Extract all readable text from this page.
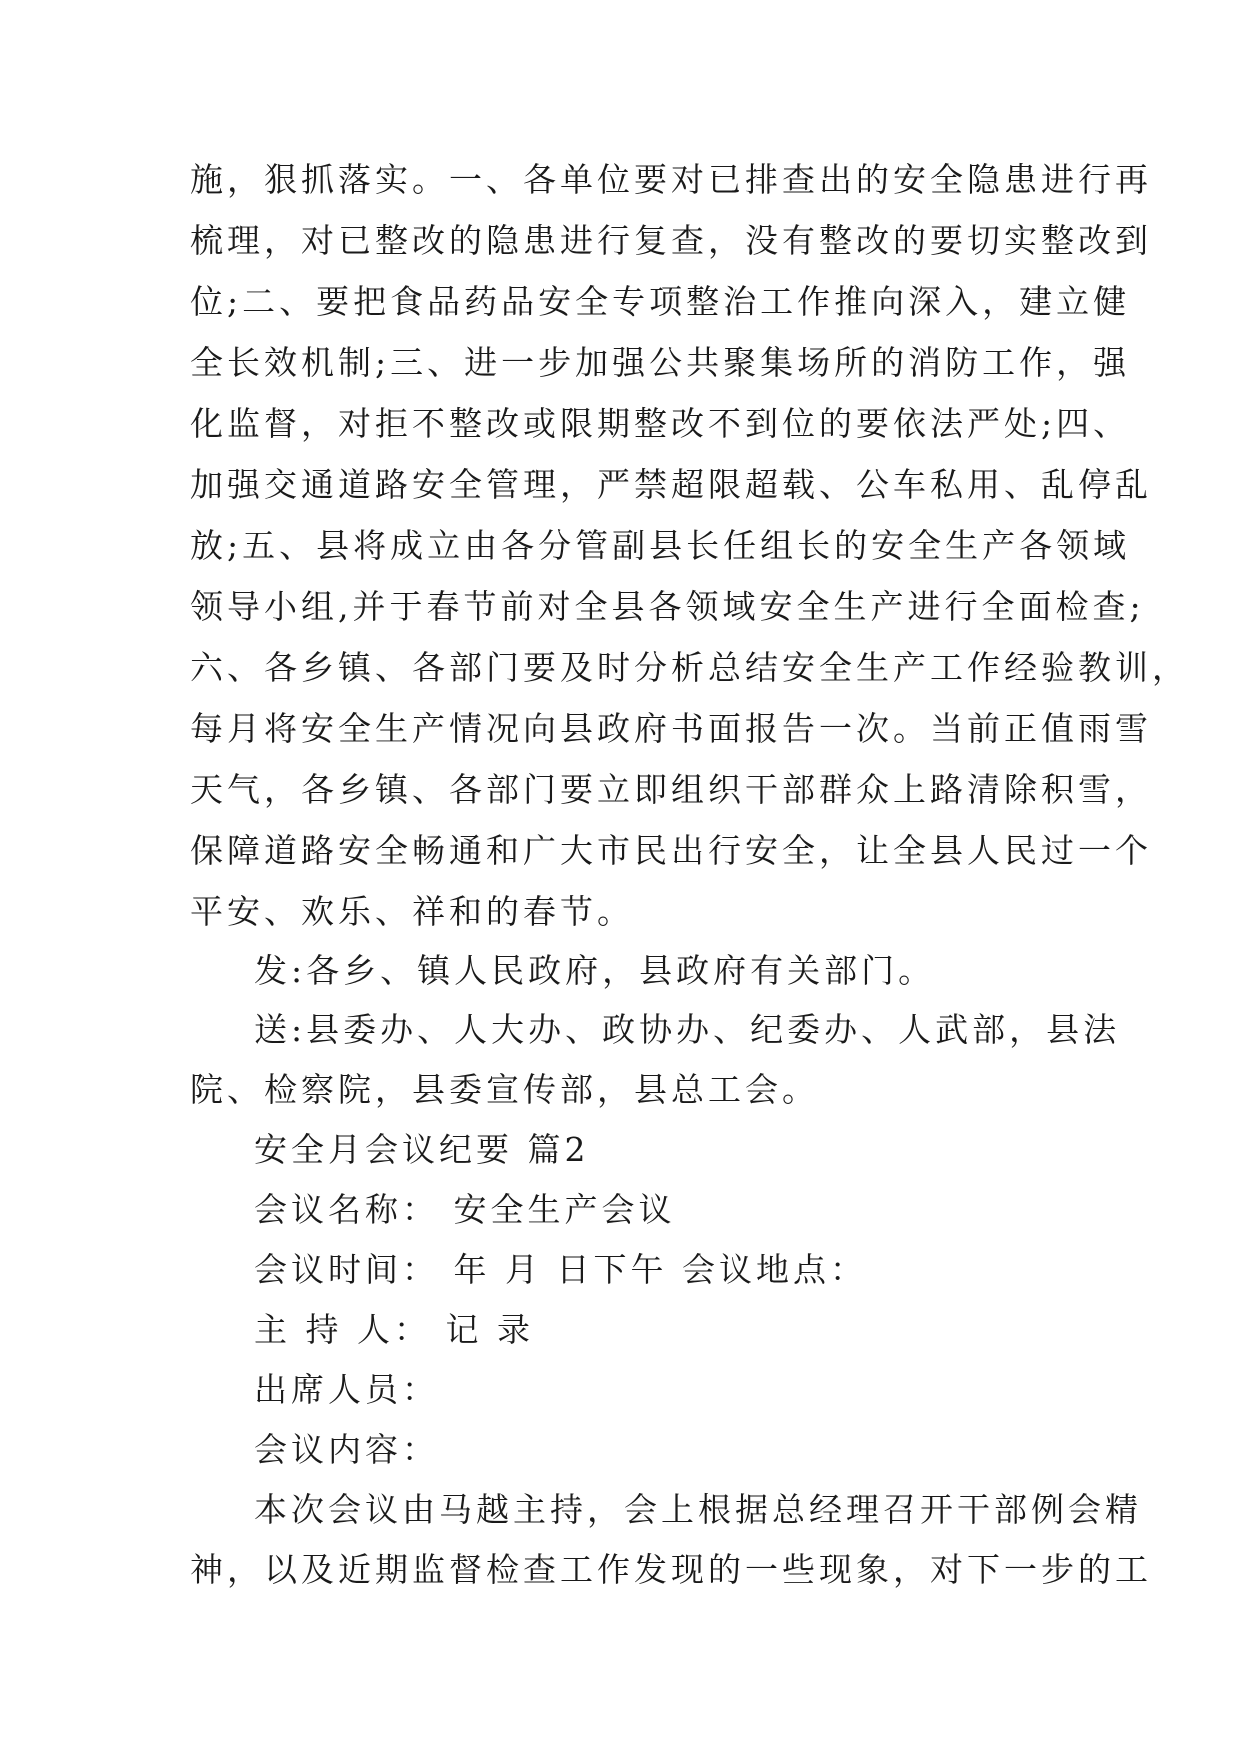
施，狠抓落实。一、各单位要对已排查出的安全隐患进行再
梳理，对已整改的隐患进行复查，没有整改的要切实整改到
位;二、要把食品药品安全专项整治工作推向深入，建立健
全长效机制;三、进一步加强公共聚集场所的消防工作，强
化监督，对拒不整改或限期整改不到位的要依法严处;四、
加强交通道路安全管理，严禁超限超载、公车私用、乱停乱
放;五、县将成立由各分管副县长任组长的安全生产各领域
领导小组,并于春节前对全县各领域安全生产进行全面检查;
六、各乡镇、各部门要及时分析总结安全生产工作经验教训，
每月将安全生产情况向县政府书面报告一次。当前正值雨雪
天气，各乡镇、各部门要立即组织干部群众上路清除积雪，
保障道路安全畅通和广大市民出行安全，让全县人民过一个
平安、欢乐、祥和的春节。
发:各乡、镇人民政府，县政府有关部门。
送:县委办、人大办、政协办、纪委办、人武部，县法
院、检察院，县委宣传部，县总工会。
安全月会议纪要 篇2
会议名称： 安全生产会议
会议时间： 年 月 日下午 会议地点：
主 持 人： 记 录
出席人员：
会议内容：
本次会议由马越主持，会上根据总经理召开干部例会精
神，以及近期监督检查工作发现的一些现象，对下一步的工
